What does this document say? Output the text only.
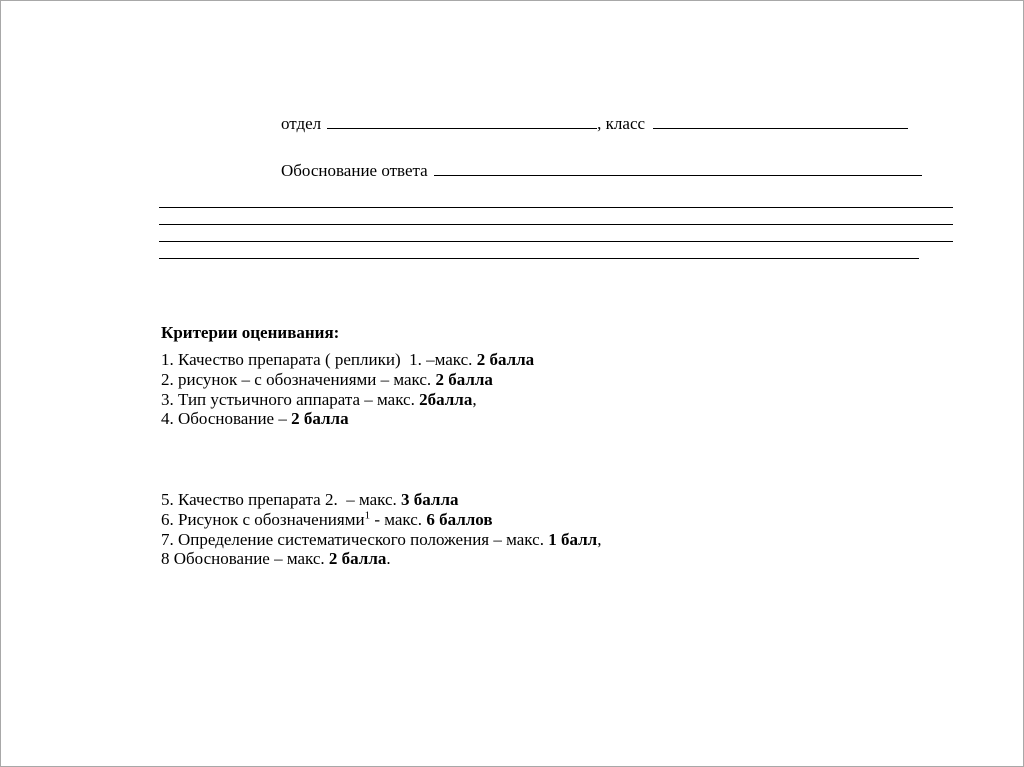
отдел	, класс
Обоснование ответа
Критерии оценивания:
1. Качество препарата ( реплики)  1. –макс. 2 балла
2. рисунок – с обозначениями – макс. 2 балла
3. Тип устьичного аппарата – макс. 2балла,
4. Обоснование – 2 балла
5. Качество препарата 2.  – макс. 3 балла
6. Рисунок с обозначениями$^1$ - макс. 6 баллов
7. Определение систематического положения – макс. 1 балл,
8 Обоснование – макс. 2 балла.
